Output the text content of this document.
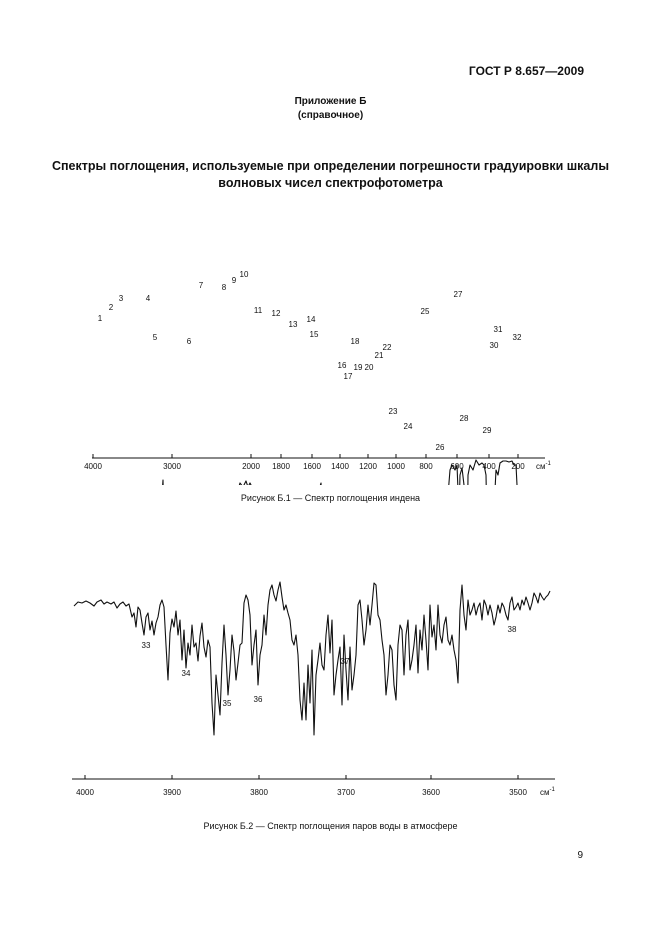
ГОСТ Р 8.657—2009
Приложение Б
(справочное)
Спектры поглощения, используемые при определении погрешности градуировки шкалы
волновых чисел спектрофотометра
4000	3000	2000 1800 1600 1400 1200 1000 800 600 400 200 $см^{-1}$
1
2
3	4
5	6
7 8
9
10
11 12
13
14
15
16
17
18
19 20
21
22
23
24
25
26
27
28
29
30
31
32
Рисунок Б.1 — Спектр поглощения индена
4000	3900	3800	3700	3600	3500 $см^{-1}$
33
34
35	36
37
38
Рисунок Б.2 — Спектр поглощения паров воды в атмосфере
9
